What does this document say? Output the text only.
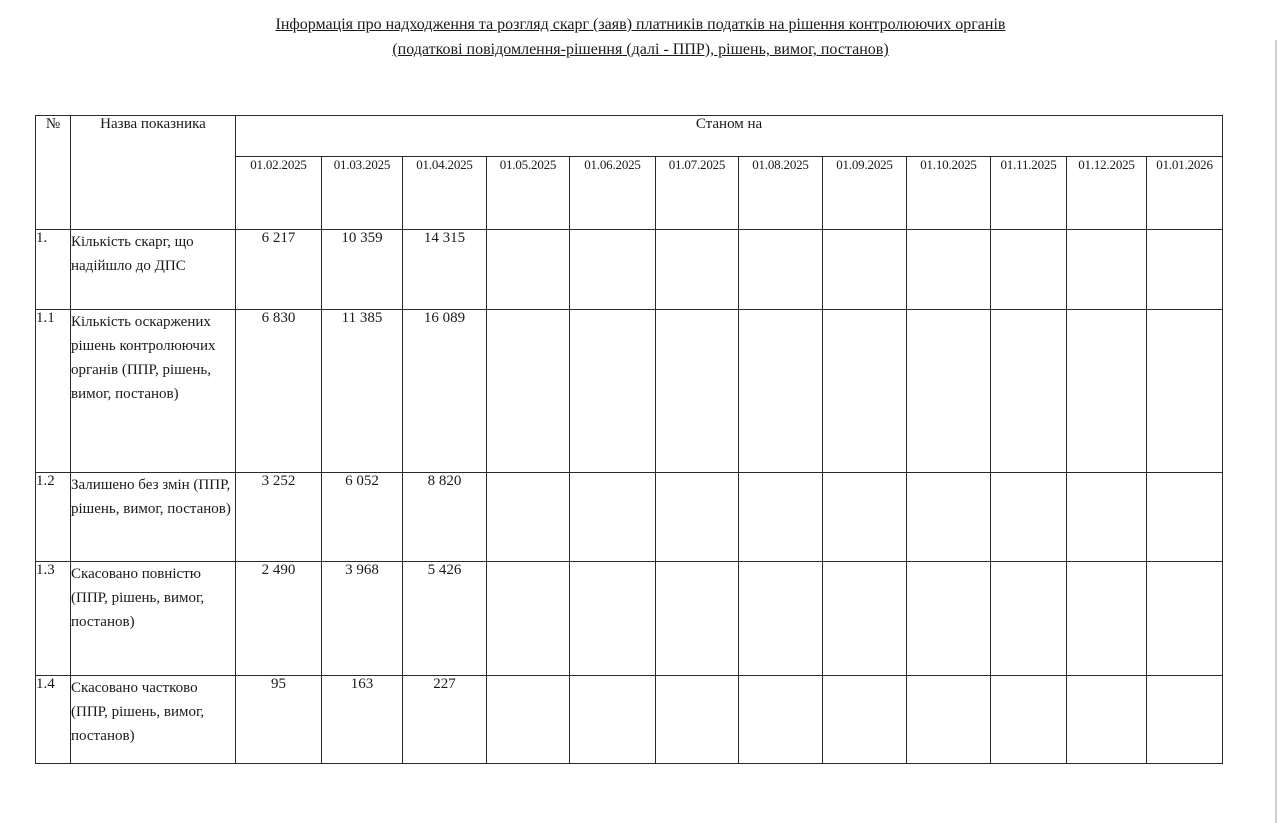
Інформація про надходження та розгляд скарг (заяв) платників податків на рішення контролюючих органів
(податкові повідомлення-рішення (далі - ППР), рішень, вимог, постанов)
№	Назва показника	Станом на											
		01.02.2025	01.03.2025	01.04.2025	01.05.2025	01.06.2025	01.07.2025	01.08.2025	01.09.2025	01.10.2025	01.11.2025	01.12.2025	01.01.2026
1.	Кількість скарг, що надійшло до ДПС	6 217	10 359	14 315									
1.1	Кількість оскаржених рішень контролюючих органів (ППР, рішень, вимог, постанов)	6 830	11 385	16 089									
1.2	Залишено без змін (ППР, рішень, вимог, постанов)	3 252	6 052	8 820									
1.3	Скасовано повністю (ППР, рішень, вимог, постанов)	2 490	3 968	5 426									
1.4	Скасовано частково (ППР, рішень, вимог, постанов)	95	163	227									
